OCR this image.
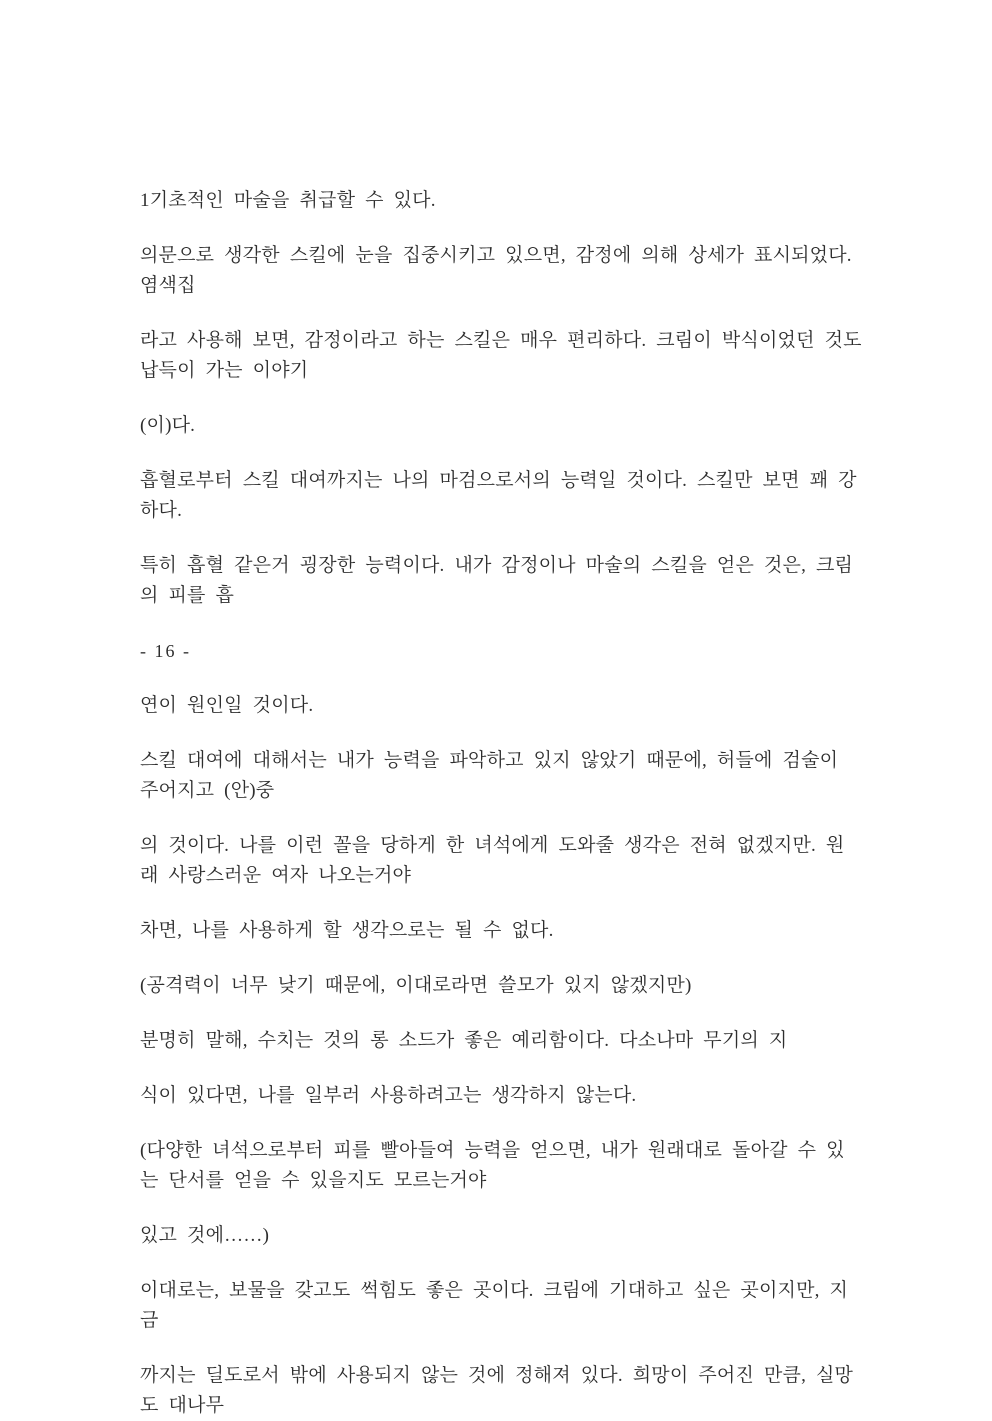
1기초적인 마술을 취급할 수 있다.

의문으로 생각한 스킬에 눈을 집중시키고 있으면, 감정에 의해 상세가 표시되었다. 염색집

라고 사용해 보면, 감정이라고 하는 스킬은 매우 편리하다. 크림이 박식이었던 것도 납득이 가는 이야기

(이)다.

흡혈로부터 스킬 대여까지는 나의 마검으로서의 능력일 것이다. 스킬만 보면 꽤 강하다.

특히 흡혈 같은거 굉장한 능력이다. 내가 감정이나 마술의 스킬을 얻은 것은, 크림의 피를 흡

- 16 -

연이 원인일 것이다.

스킬 대여에 대해서는 내가 능력을 파악하고 있지 않았기 때문에, 허들에 검술이 주어지고 (안)중

의 것이다. 나를 이런 꼴을 당하게 한 녀석에게 도와줄 생각은 전혀 없겠지만. 원래 사랑스러운 여자 나오는거야

차면, 나를 사용하게 할 생각으로는 될 수 없다.

(공격력이 너무 낮기 때문에, 이대로라면 쓸모가 있지 않겠지만)

분명히 말해, 수치는 것의 롱 소드가 좋은 예리함이다. 다소나마 무기의 지

식이 있다면, 나를 일부러 사용하려고는 생각하지 않는다.

(다양한 녀석으로부터 피를 빨아들여 능력을 얻으면, 내가 원래대로 돌아갈 수 있는 단서를 얻을 수 있을지도 모르는거야

있고 것에……)

이대로는, 보물을 갖고도 썩힘도 좋은 곳이다. 크림에 기대하고 싶은 곳이지만, 지금

까지는 딜도로서 밖에 사용되지 않는 것에 정해져 있다. 희망이 주어진 만큼, 실망도 대나무
